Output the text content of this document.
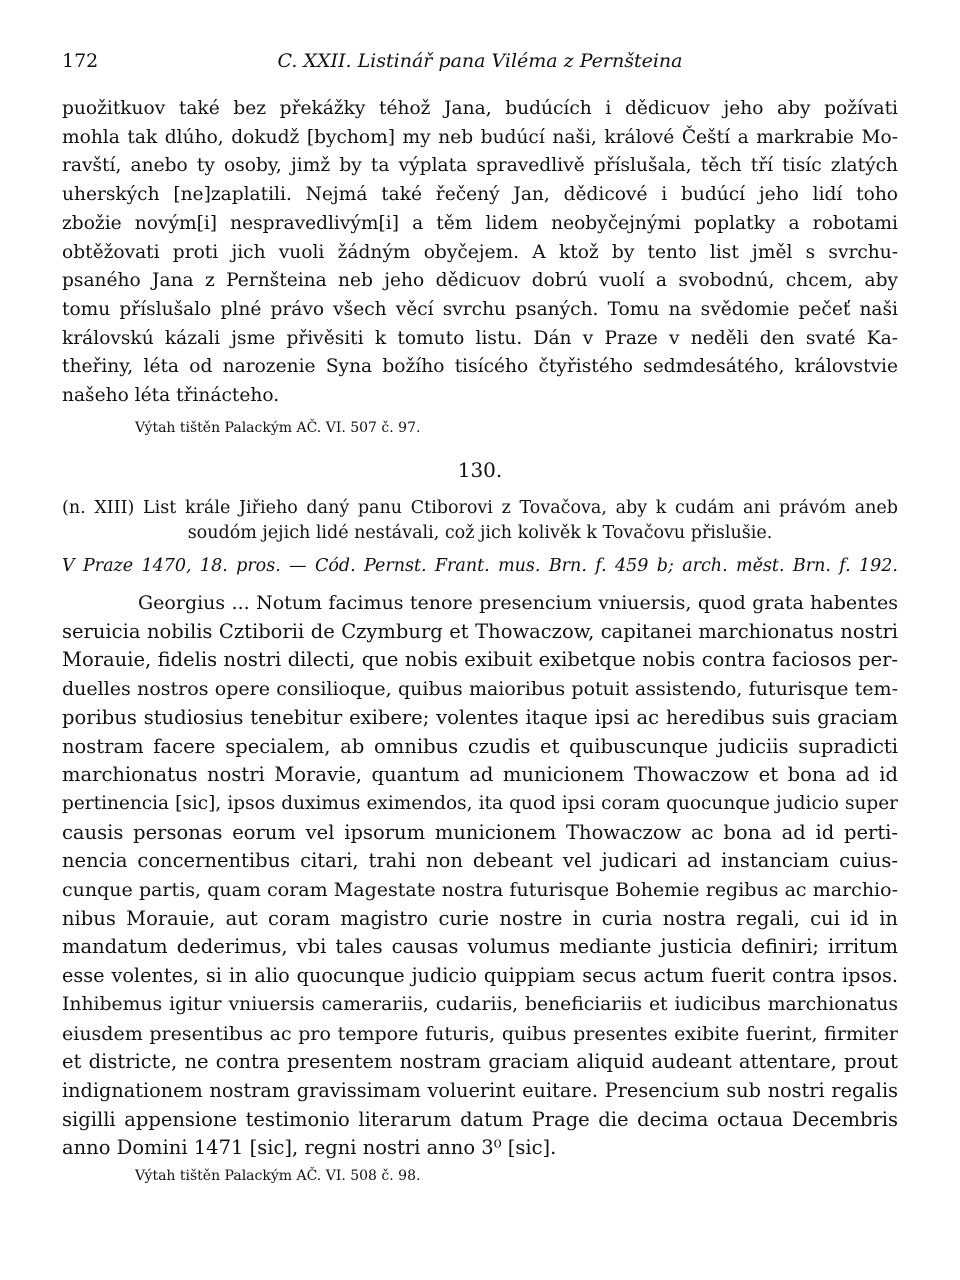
172	C. XXII. Listinář pana Viléma z Pernšteina
puožitkuov také bez překážky téhož Jana, budúcích i dědicuov jeho aby požívati
mohla tak dlúho, dokudž [bychom] my neb budúcí naši, králové Čeští a markrabie Mo-
ravští, anebo ty osoby, jimž by ta výplata spravedlivě příslušala, těch tří tisíc zlatých
uherských [ne]zaplatili. Nejmá také řečený Jan, dědicové i budúcí jeho lidí toho
zbožie novým[i] nespravedlivým[i] a těm lidem neobyčejnými poplatky a robotami
obtěžovati proti jich vuoli žádným obyčejem. A ktož by tento list jměl s svrchu-
psaného Jana z Pernšteina neb jeho dědicuov dobrú vuolí a svobodnú, chcem, aby
tomu příslušalo plné právo všech věcí svrchu psaných. Tomu na svědomie pečeť naši
královskú kázali jsme přivěsiti k tomuto listu. Dán v Praze v neděli den svaté Ka-
theřiny, léta od narozenie Syna božího tisícého čtyřistého sedmdesátého, královstvie
našeho léta třinácteho.
Výtah tištěn Palackým AČ. VI. 507 č. 97.
130.
(n. XIII) List krále Jiřieho daný panu Ctiborovi z Tovačova, aby k cudám ani právóm aneb
soudóm jejich lidé nestávali, což jich kolivěk k Tovačovu přislušie.
V Praze 1470, 18. pros. — Cód. Pernst. Frant. mus. Brn. f. 459 b; arch. měst. Brn. f. 192.
Georgius ... Notum facimus tenore presencium vniuersis, quod grata habentes
seruicia nobilis Cztiborii de Czymburg et Thowaczow, capitanei marchionatus nostri
Morauie, fidelis nostri dilecti, que nobis exibuit exibetque nobis contra faciosos per-
duelles nostros opere consilioque, quibus maioribus potuit assistendo, futurisque tem-
poribus studiosius tenebitur exibere; volentes itaque ipsi ac heredibus suis graciam
nostram facere specialem, ab omnibus czudis et quibuscunque judiciis supradicti
marchionatus nostri Moravie, quantum ad municionem Thowaczow et bona ad id
pertinencia [sic], ipsos duximus eximendos, ita quod ipsi coram quocunque judicio super
causis personas eorum vel ipsorum municionem Thowaczow ac bona ad id perti-
nencia concernentibus citari, trahi non debeant vel judicari ad instanciam cuius-
cunque partis, quam coram Magestate nostra futurisque Bohemie regibus ac marchio-
nibus Morauie, aut coram magistro curie nostre in curia nostra regali, cui id in
mandatum dederimus, vbi tales causas volumus mediante justicia definiri; irritum
esse volentes, si in alio quocunque judicio quippiam secus actum fuerit contra ipsos.
Inhibemus igitur vniuersis camerariis, cudariis, beneficiariis et iudicibus marchionatus
eiusdem presentibus ac pro tempore futuris, quibus presentes exibite fuerint, firmiter
et districte, ne contra presentem nostram graciam aliquid audeant attentare, prout
indignationem nostram gravissimam voluerint euitare. Presencium sub nostri regalis
sigilli appensione testimonio literarum datum Prage die decima octaua Decembris
anno Domini 1471 [sic], regni nostri anno 3⁰ [sic].
Výtah tištěn Palackým AČ. VI. 508 č. 98.
